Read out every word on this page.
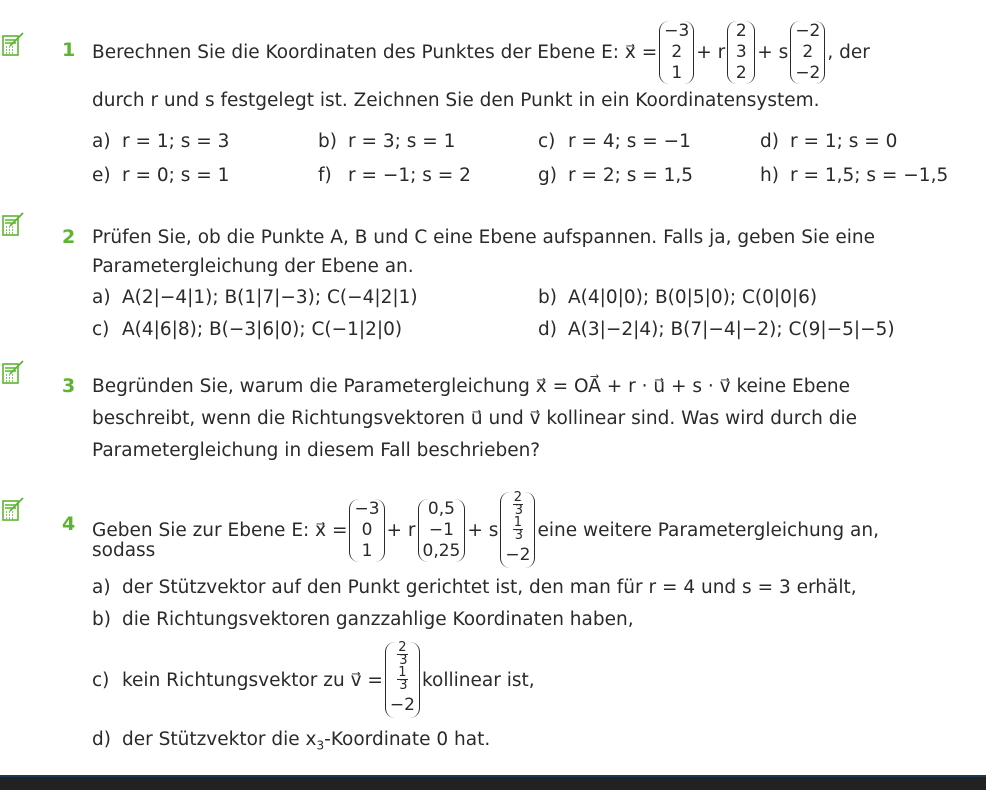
1 Berechnen Sie die Koordinaten des Punktes der Ebene E: x⃗ =
−3
2
1
+ r
2
3
2
+ s
−2
2
−2
, der
durch r und s festgelegt ist. Zeichnen Sie den Punkt in ein Koordinatensystem.
a) r = 1; s = 3	b) r = 3; s = 1	c) r = 4; s = −1	d) r = 1; s = 0
e) r = 0; s = 1	f) r = −1; s = 2	g) r = 2; s = 1,5	h) r = 1,5; s = −1,5
2 Prüfen Sie, ob die Punkte A, B und C eine Ebene aufspannen. Falls ja, geben Sie eine
Parametergleichung der Ebene an.
a) A(2|−4|1); B(1|7|−3); C(−4|2|1)	b) A(4|0|0); B(0|5|0); C(0|0|6)
c) A(4|6|8); B(−3|6|0); C(−1|2|0)	d) A(3|−2|4); B(7|−4|−2); C(9|−5|−5)
3 Begründen Sie, warum die Parametergleichung x⃗ = OA⃗ + r · u⃗ + s · v⃗ keine Ebene
beschreibt, wenn die Richtungsvektoren u⃗ und v⃗ kollinear sind. Was wird durch die
Parametergleichung in diesem Fall beschrieben?
4 Geben Sie zur Ebene E: x⃗ =
−3
0
1
+ r
0,5
−1
0,25
+ s
$\frac{2}{3}$
$\frac{1}{3}$
−2
eine weitere Parametergleichung an,
sodass
a) der Stützvektor auf den Punkt gerichtet ist, den man für r = 4 und s = 3 erhält,
b) die Richtungsvektoren ganzzahlige Koordinaten haben,
c) kein Richtungsvektor zu v⃗ =
$\frac{2}{3}$
$\frac{1}{3}$
−2
kollinear ist,
d) der Stützvektor die $x_3$-Koordinate 0 hat.
